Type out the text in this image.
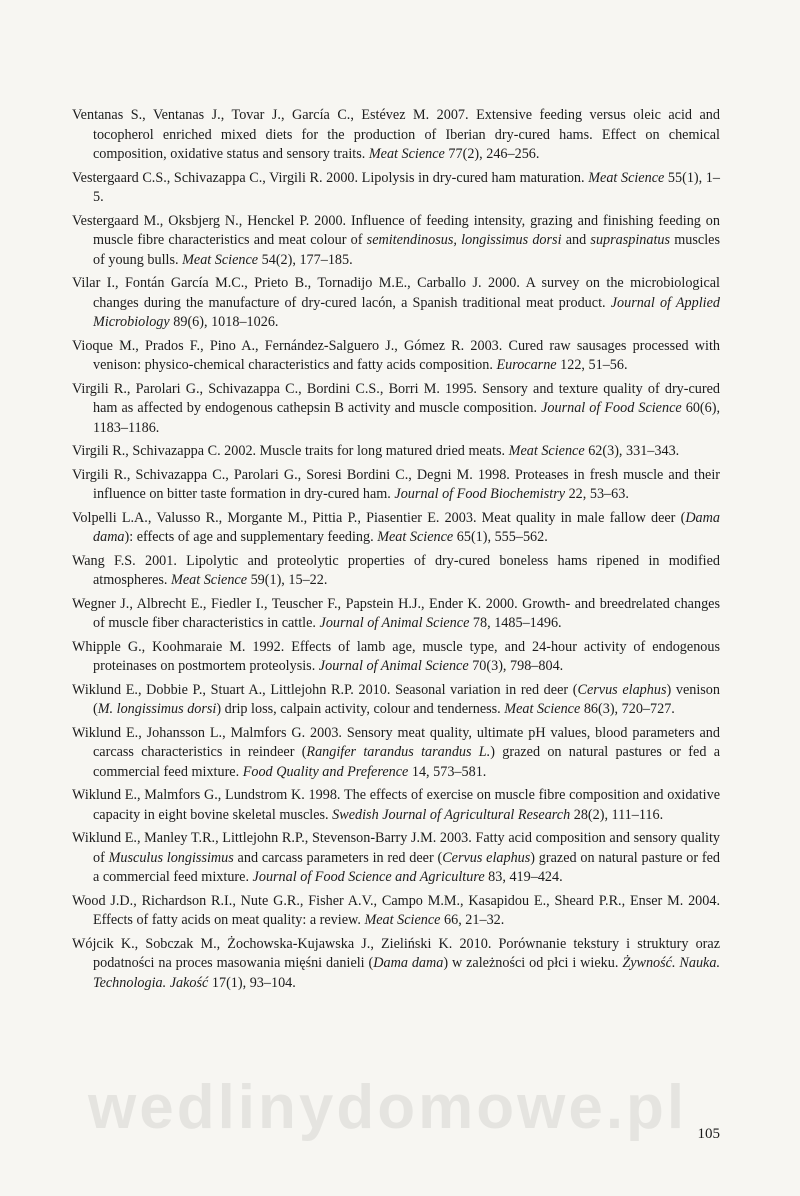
Ventanas S., Ventanas J., Tovar J., García C., Estévez M. 2007. Extensive feeding versus oleic acid and tocopherol enriched mixed diets for the production of Iberian dry-cured hams. Effect on chemical composition, oxidative status and sensory traits. Meat Science 77(2), 246–256.
Vestergaard C.S., Schivazappa C., Virgili R. 2000. Lipolysis in dry-cured ham maturation. Meat Science 55(1), 1–5.
Vestergaard M., Oksbjerg N., Henckel P. 2000. Influence of feeding intensity, grazing and finishing feeding on muscle fibre characteristics and meat colour of semitendinosus, longissimus dorsi and supraspinatus muscles of young bulls. Meat Science 54(2), 177–185.
Vilar I., Fontán García M.C., Prieto B., Tornadijo M.E., Carballo J. 2000. A survey on the microbiological changes during the manufacture of dry-cured lacón, a Spanish traditional meat product. Journal of Applied Microbiology 89(6), 1018–1026.
Vioque M., Prados F., Pino A., Fernández-Salguero J., Gómez R. 2003. Cured raw sausages processed with venison: physico-chemical characteristics and fatty acids composition. Eurocarne 122, 51–56.
Virgili R., Parolari G., Schivazappa C., Bordini C.S., Borri M. 1995. Sensory and texture quality of dry-cured ham as affected by endogenous cathepsin B activity and muscle composition. Journal of Food Science 60(6), 1183–1186.
Virgili R., Schivazappa C. 2002. Muscle traits for long matured dried meats. Meat Science 62(3), 331–343.
Virgili R., Schivazappa C., Parolari G., Soresi Bordini C., Degni M. 1998. Proteases in fresh muscle and their influence on bitter taste formation in dry-cured ham. Journal of Food Biochemistry 22, 53–63.
Volpelli L.A., Valusso R., Morgante M., Pittia P., Piasentier E. 2003. Meat quality in male fallow deer (Dama dama): effects of age and supplementary feeding. Meat Science 65(1), 555–562.
Wang F.S. 2001. Lipolytic and proteolytic properties of dry-cured boneless hams ripened in modified atmospheres. Meat Science 59(1), 15–22.
Wegner J., Albrecht E., Fiedler I., Teuscher F., Papstein H.J., Ender K. 2000. Growth- and breedrelated changes of muscle fiber characteristics in cattle. Journal of Animal Science 78, 1485–1496.
Whipple G., Koohmaraie M. 1992. Effects of lamb age, muscle type, and 24-hour activity of endogenous proteinases on postmortem proteolysis. Journal of Animal Science 70(3), 798–804.
Wiklund E., Dobbie P., Stuart A., Littlejohn R.P. 2010. Seasonal variation in red deer (Cervus elaphus) venison (M. longissimus dorsi) drip loss, calpain activity, colour and tenderness. Meat Science 86(3), 720–727.
Wiklund E., Johansson L., Malmfors G. 2003. Sensory meat quality, ultimate pH values, blood parameters and carcass characteristics in reindeer (Rangifer tarandus tarandus L.) grazed on natural pastures or fed a commercial feed mixture. Food Quality and Preference 14, 573–581.
Wiklund E., Malmfors G., Lundstrom K. 1998. The effects of exercise on muscle fibre composition and oxidative capacity in eight bovine skeletal muscles. Swedish Journal of Agricultural Research 28(2), 111–116.
Wiklund E., Manley T.R., Littlejohn R.P., Stevenson-Barry J.M. 2003. Fatty acid composition and sensory quality of Musculus longissimus and carcass parameters in red deer (Cervus elaphus) grazed on natural pasture or fed a commercial feed mixture. Journal of Food Science and Agriculture 83, 419–424.
Wood J.D., Richardson R.I., Nute G.R., Fisher A.V., Campo M.M., Kasapidou E., Sheard P.R., Enser M. 2004. Effects of fatty acids on meat quality: a review. Meat Science 66, 21–32.
Wójcik K., Sobczak M., Żochowska-Kujawska J., Zieliński K. 2010. Porównanie tekstury i struktury oraz podatności na proces masowania mięśni danieli (Dama dama) w zależności od płci i wieku. Żywność. Nauka. Technologia. Jakość 17(1), 93–104.
wedlinydomowe.pl 105
